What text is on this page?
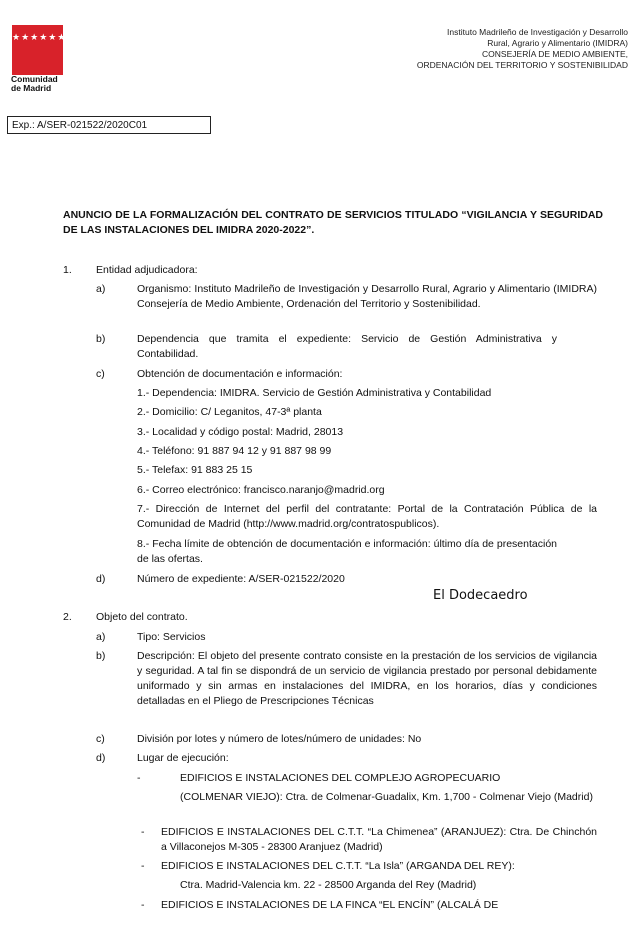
★★★★★★★
Comunidad
de Madrid
Instituto Madrileño de Investigación y Desarrollo
Rural, Agrario y Alimentario (IMIDRA)
CONSEJERÍA DE MEDIO AMBIENTE,
ORDENACIÓN DEL TERRITORIO Y SOSTENIBILIDAD
Exp.: A/SER-021522/2020C01
ANUNCIO DE LA FORMALIZACIÓN DEL CONTRATO DE SERVICIOS TITULADO “VIGILANCIA Y SEGURIDAD DE LAS INSTALACIONES DEL IMIDRA 2020-2022”.
1. Entidad adjudicadora:
a)	Organismo: Instituto Madrileño de Investigación y Desarrollo Rural, Agrario y Alimentario (IMIDRA) Consejería de Medio Ambiente, Ordenación del Territorio y Sostenibilidad.
b)	Dependencia que tramita el expediente: Servicio de Gestión Administrativa y Contabilidad.
c)	Obtención de documentación e información:
1.- Dependencia: IMIDRA. Servicio de Gestión Administrativa y Contabilidad
2.- Domicilio: C/ Leganitos, 47-3ª planta
3.- Localidad y código postal: Madrid, 28013
4.- Teléfono: 91 887 94 12 y 91 887 98 99
5.- Telefax: 91 883 25 15
6.- Correo electrónico: francisco.naranjo@madrid.org
7.- Dirección de Internet del perfil del contratante: Portal de la Contratación Pública de la Comunidad de Madrid (http://www.madrid.org/contratospublicos).
8.- Fecha límite de obtención de documentación e información: último día de presentación de las ofertas.
d)	Número de expediente: A/SER-021522/2020
El Dodecaedro
2. Objeto del contrato.
a)	Tipo: Servicios
b)	Descripción: El objeto del presente contrato consiste en la prestación de los servicios de vigilancia y seguridad. A tal fin se dispondrá de un servicio de vigilancia prestado por personal debidamente uniformado y sin armas en instalaciones del IMIDRA, en los horarios, días y condiciones detalladas en el Pliego de Prescripciones Técnicas
c)	División por lotes y número de lotes/número de unidades: No
d)	Lugar de ejecución:
-	EDIFICIOS E INSTALACIONES DEL COMPLEJO AGROPECUARIO
(COLMENAR VIEJO): Ctra. de Colmenar-Guadalix, Km. 1,700 - Colmenar Viejo (Madrid)
- EDIFICIOS E INSTALACIONES DEL C.T.T. “La Chimenea” (ARANJUEZ): Ctra. De Chinchón a Villaconejos M-305 - 28300 Aranjuez (Madrid)
- EDIFICIOS E INSTALACIONES DEL C.T.T. “La Isla” (ARGANDA DEL REY):
Ctra. Madrid-Valencia km. 22 - 28500 Arganda del Rey (Madrid)
- EDIFICIOS E INSTALACIONES DE LA FINCA “EL ENCÍN” (ALCALÁ DE
